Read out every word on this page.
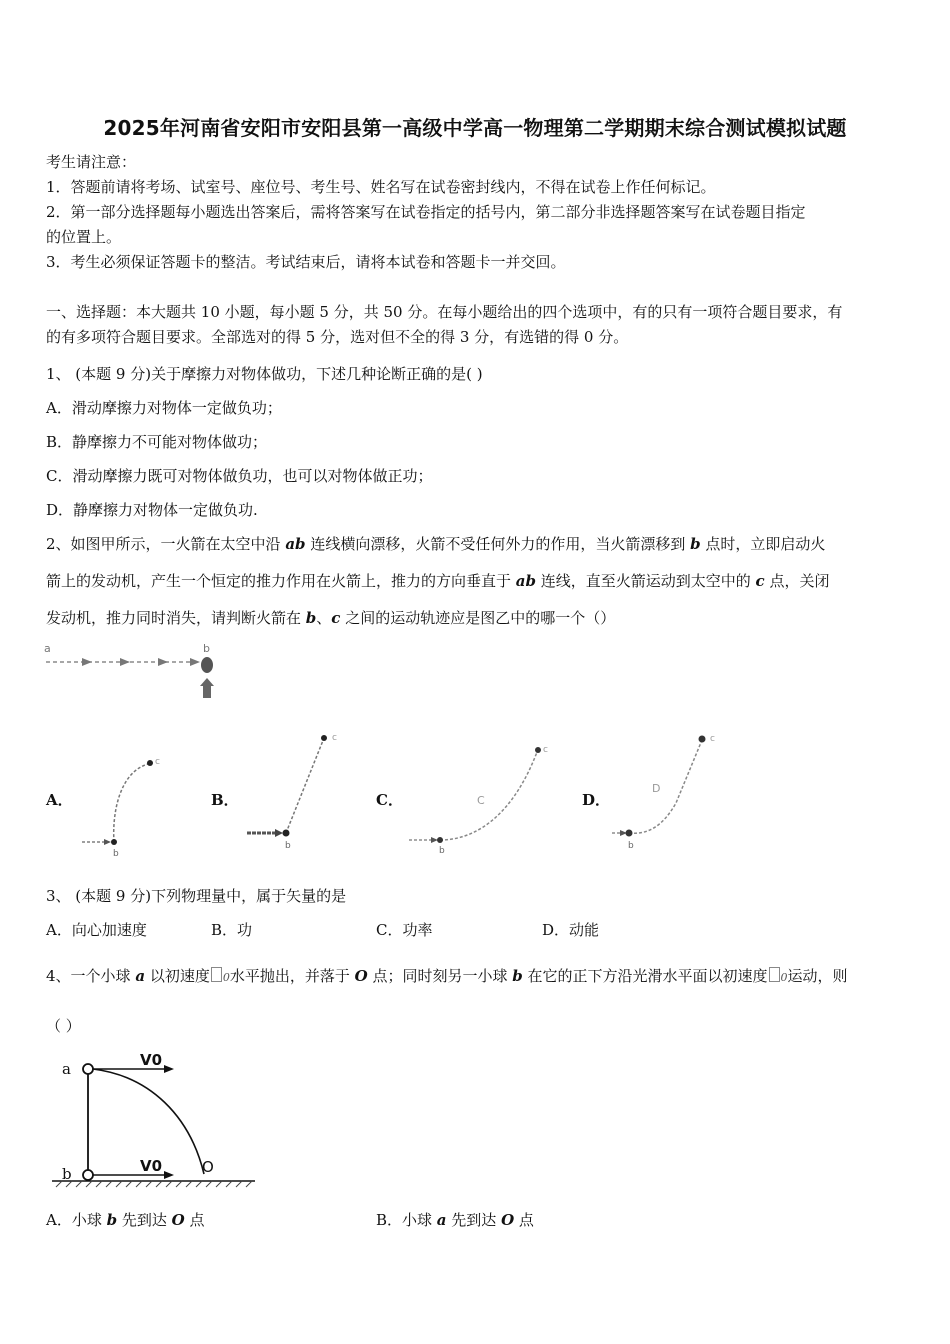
2025年河南省安阳市安阳县第一高级中学高一物理第二学期期末综合测试模拟试题
考生请注意：
1．答题前请将考场、试室号、座位号、考生号、姓名写在试卷密封线内，不得在试卷上作任何标记。
2．第一部分选择题每小题选出答案后，需将答案写在试卷指定的括号内，第二部分非选择题答案写在试卷题目指定
的位置上。
3．考生必须保证答题卡的整洁。考试结束后，请将本试卷和答题卡一并交回。
一、选择题：本大题共 10 小题，每小题 5 分，共 50 分。在每小题给出的四个选项中，有的只有一项符合题目要求，有
的有多项符合题目要求。全部选对的得 5 分，选对但不全的得 3 分，有选错的得 0 分。
1、 (本题 9 分)关于摩擦力对物体做功，下述几种论断正确的是( )
A．滑动摩擦力对物体一定做负功；
B．静摩擦力不可能对物体做功；
C．滑动摩擦力既可对物体做负功，也可以对物体做正功；
D．静摩擦力对物体一定做负功.
2、如图甲所示，一火箭在太空中沿 ab 连线横向漂移，火箭不受任何外力的作用，当火箭漂移到 b 点时，立即启动火
箭上的发动机，产生一个恒定的推力作用在火箭上，推力的方向垂直于 ab 连线，直至火箭运动到太空中的 c 点，关闭
发动机，推力同时消失，请判断火箭在 b、c 之间的运动轨迹应是图乙中的哪一个（）
a	b
A．
b
c
B．
b
c
C．
b
c
C	D．
b
c
D
3、 (本题 9 分)下列物理量中，属于矢量的是
A．向心加速度	B．功	C．功率	D．动能
4、一个小球 a 以初速度 0水平抛出，并落于 O 点；同时刻另一小球 b 在它的正下方沿光滑水平面以初速度 0运动，则
（ ）
a	V0
b	V0	O
A．小球 b 先到达 O 点	B．小球 a 先到达 O 点
